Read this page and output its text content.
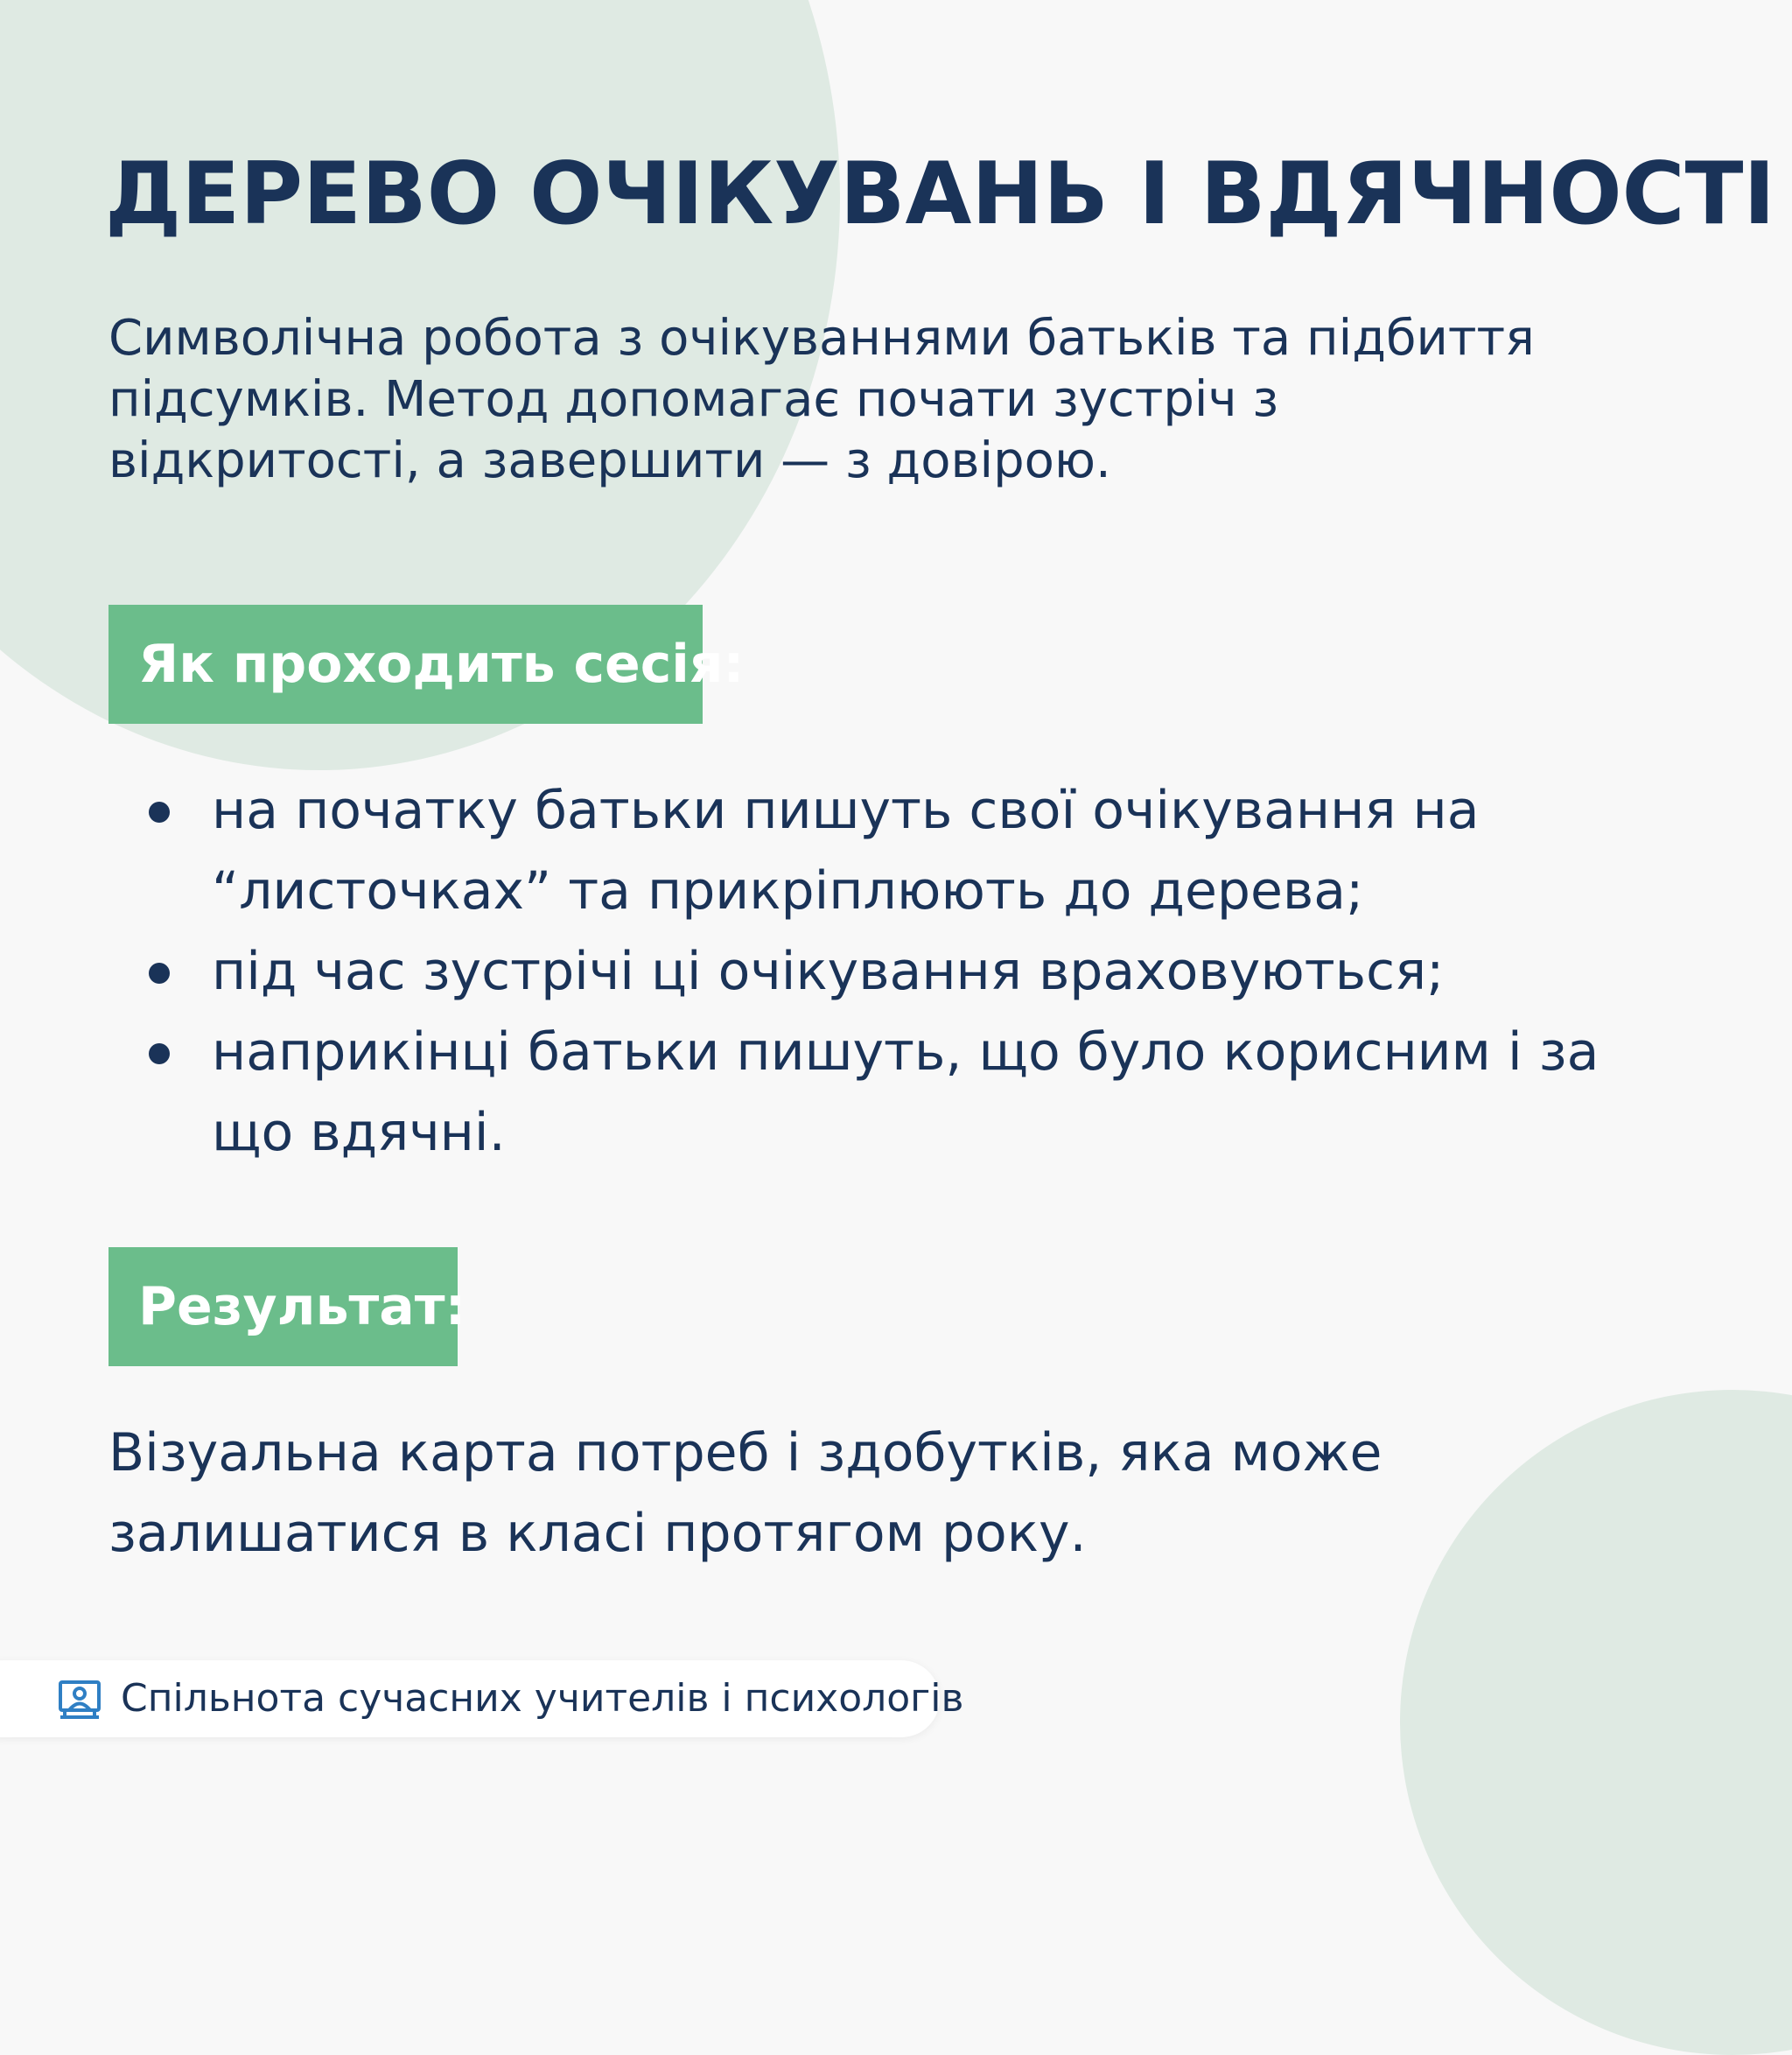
ДЕРЕВО ОЧІКУВАНЬ І ВДЯЧНОСТІ
Символічна робота з очікуваннями батьків та підбиття
підсумків. Метод допомагає почати зустріч з
відкритості, а завершити — з довірою.
Як проходить сесія:
на початку батьки пишуть свої очікування на
“листочках” та прикріплюють до дерева;
під час зустрічі ці очікування враховуються;
наприкінці батьки пишуть, що було корисним і за
що вдячні.
Результат:
Візуальна карта потреб і здобутків, яка може
залишатися в класі протягом року.
Спільнота сучасних учителів і психологів
